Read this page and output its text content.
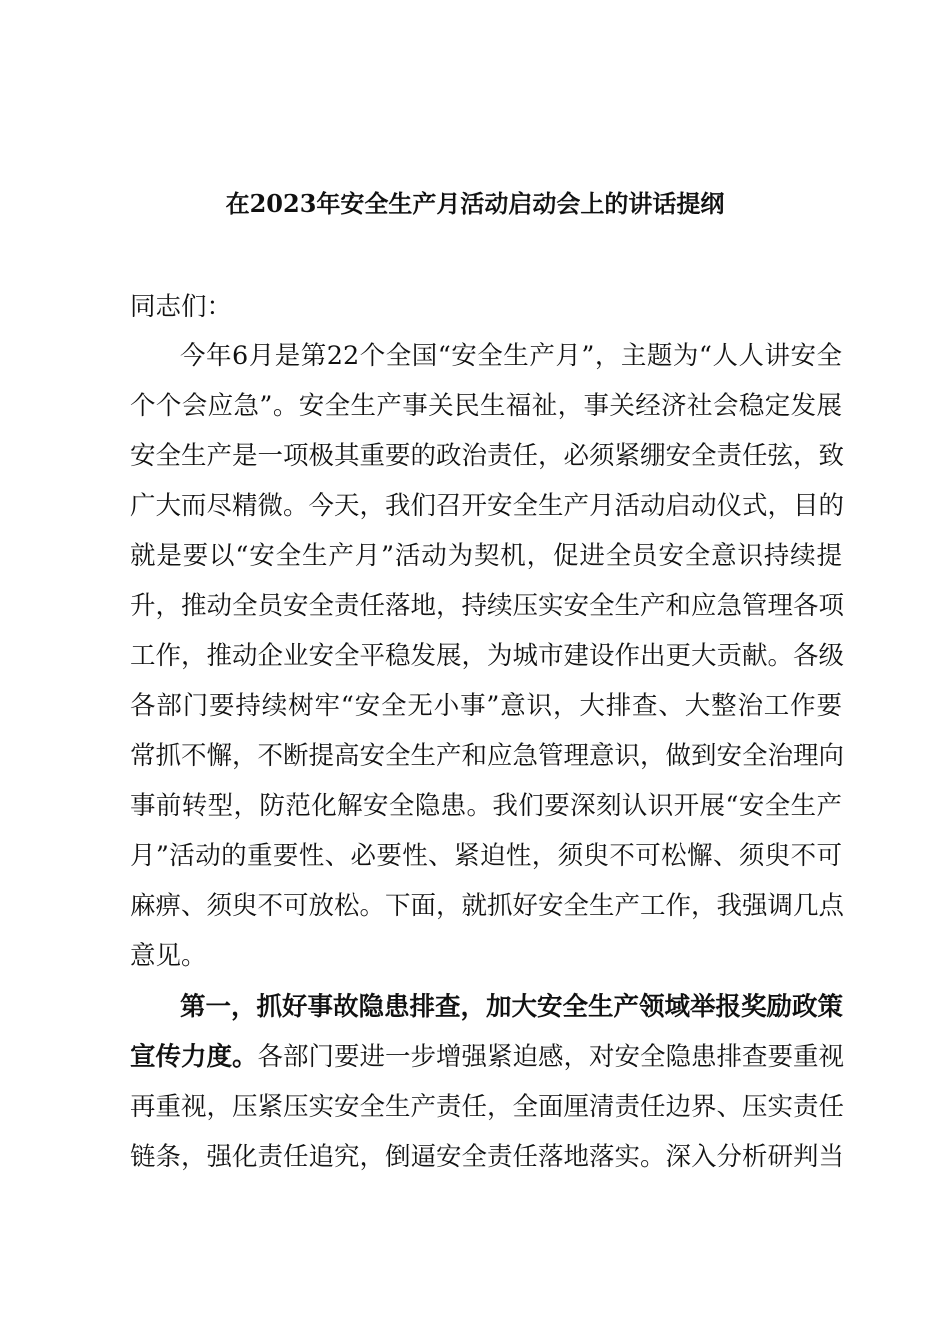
在2023年安全生产月活动启动会上的讲话提纲

同志们：

今年6月是第22个全国“安全生产月”，主题为“人人讲安全

个个会应急”。安全生产事关民生福祉，事关经济社会稳定发展

安全生产是一项极其重要的政治责任，必须紧绷安全责任弦，致

广大而尽精微。今天，我们召开安全生产月活动启动仪式，目的

就是要以“安全生产月”活动为契机，促进全员安全意识持续提

升，推动全员安全责任落地，持续压实安全生产和应急管理各项

工作，推动企业安全平稳发展，为城市建设作出更大贡献。各级

各部门要持续树牢“安全无小事”意识，大排查、大整治工作要

常抓不懈，不断提高安全生产和应急管理意识，做到安全治理向

事前转型，防范化解安全隐患。我们要深刻认识开展“安全生产

月”活动的重要性、必要性、紧迫性，须臾不可松懈、须臾不可

麻痹、须臾不可放松。下面，就抓好安全生产工作，我强调几点

意见。

第一，抓好事故隐患排查，加大安全生产领域举报奖励政策

宣传力度。各部门要进一步增强紧迫感，对安全隐患排查要重视

再重视，压紧压实安全生产责任，全面厘清责任边界、压实责任

链条，强化责任追究，倒逼安全责任落地落实。深入分析研判当
